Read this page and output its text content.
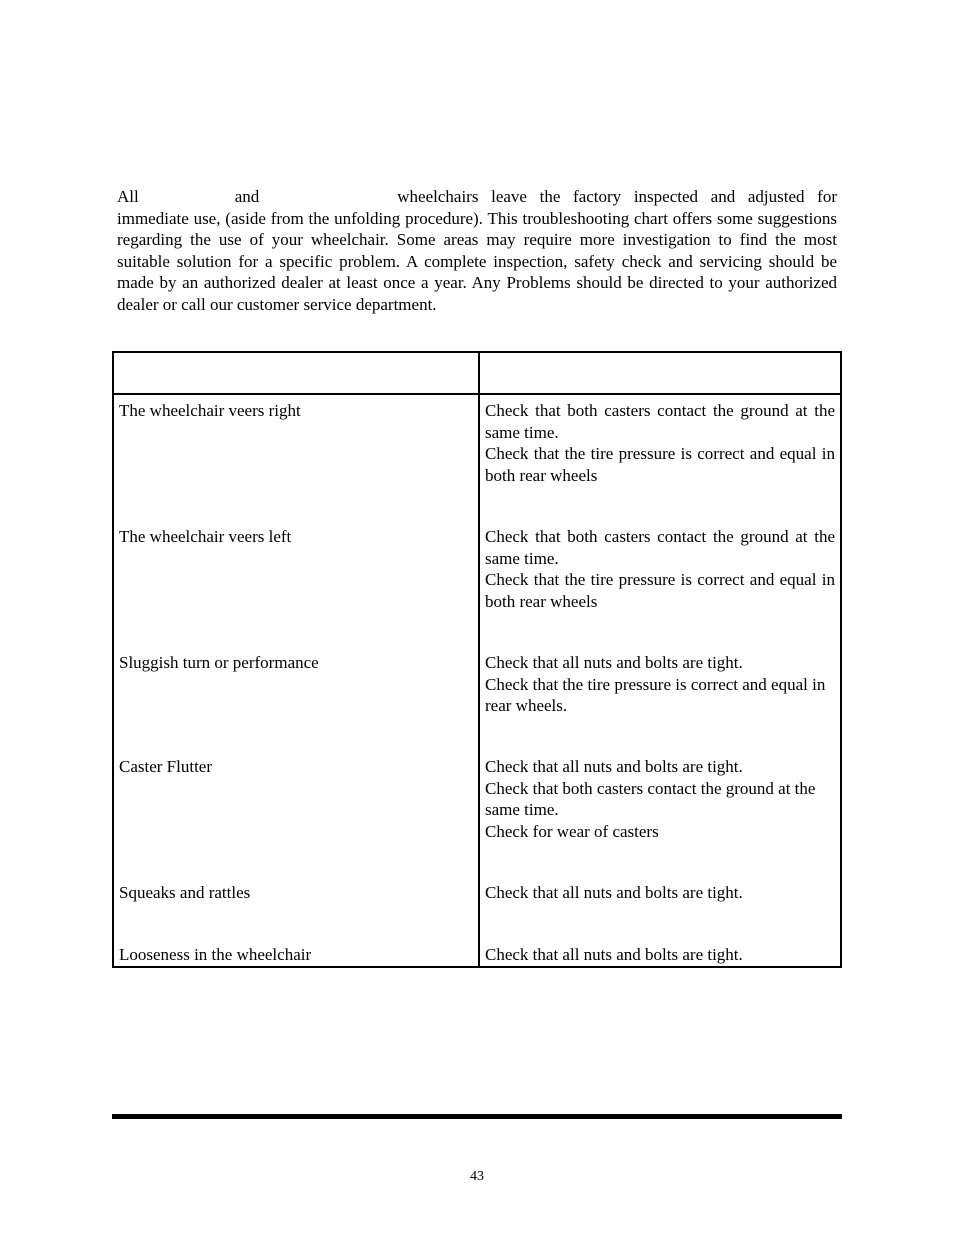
All	and	wheelchairs leave the factory inspected and adjusted for immediate use, (aside from the unfolding procedure). This troubleshooting chart offers some suggestions regarding the use of your wheelchair. Some areas may require more investigation to find the most suitable solution for a specific problem. A complete inspection, safety check and servicing should be made by an authorized dealer at least once a year. Any Problems should be directed to your authorized dealer or call our customer service department.

The wheelchair veers right	Check that both casters contact the ground at the same time.
Check that the tire pressure is correct and equal in both rear wheels

The wheelchair veers left	Check that both casters contact the ground at the same time.
Check that the tire pressure is correct and equal in both rear wheels

Sluggish turn or performance	Check that all nuts and bolts are tight.
Check that the tire pressure is correct and equal in rear wheels.

Caster Flutter	Check that all nuts and bolts are tight.
Check that both casters contact the ground at the same time.
Check for wear of casters

Squeaks and rattles	Check that all nuts and bolts are tight.

Looseness in the wheelchair	Check that all nuts and bolts are tight.
43
